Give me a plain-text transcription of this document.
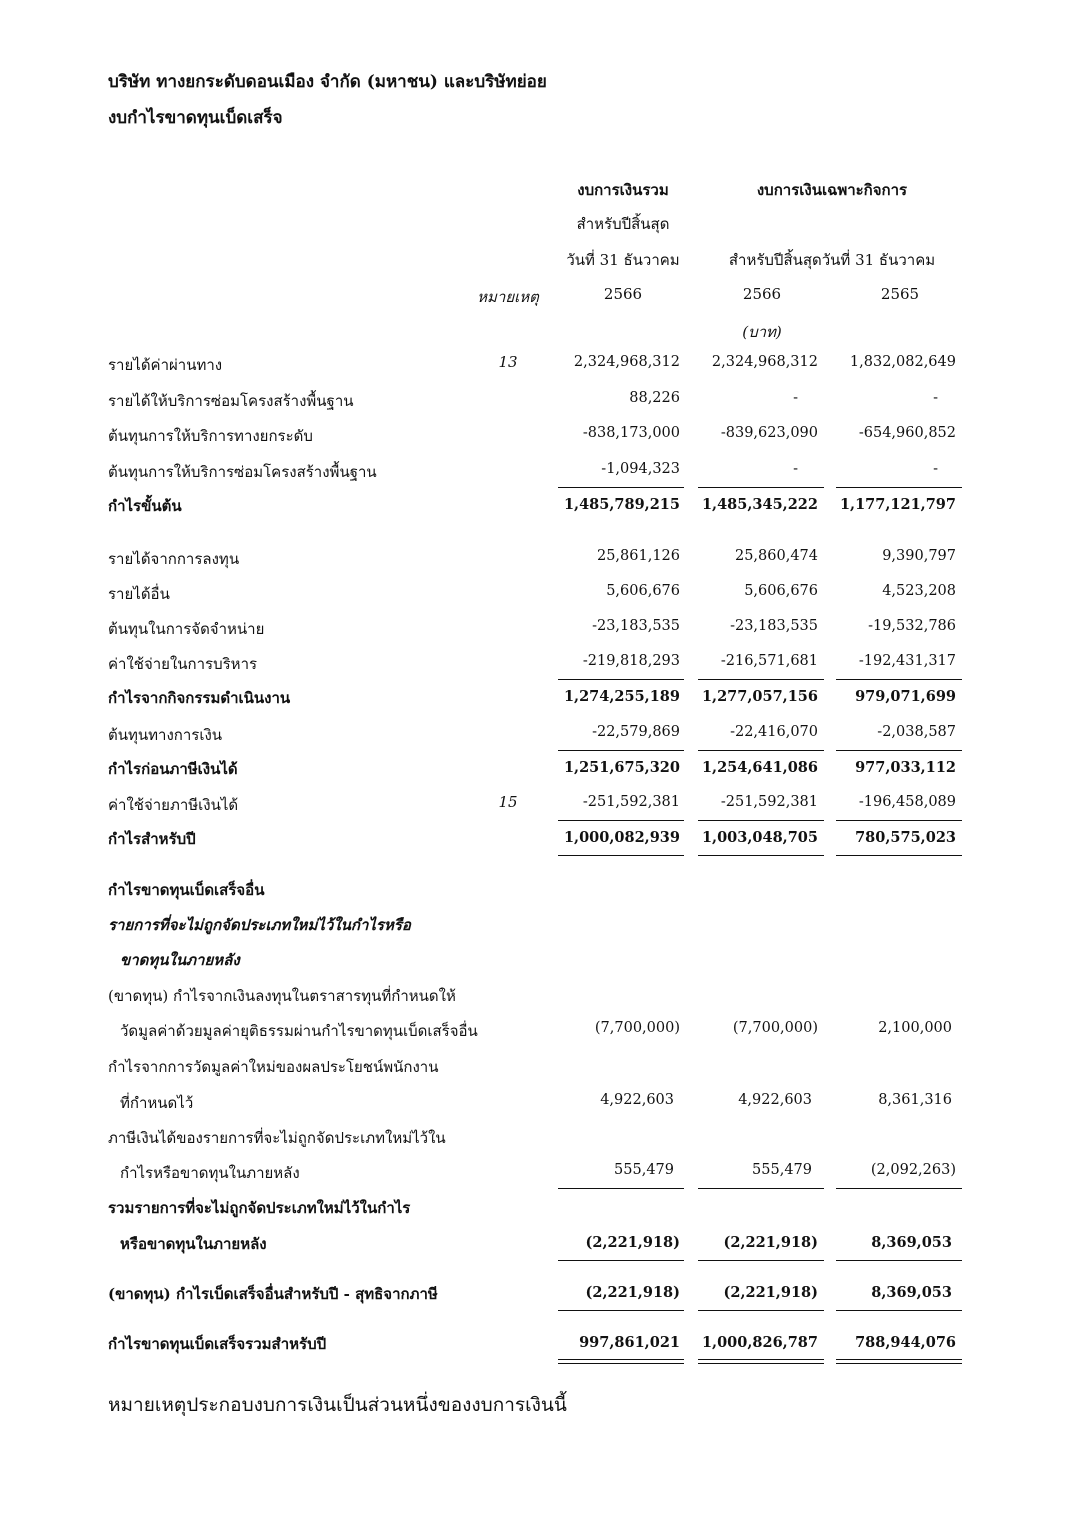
บริษัท ทางยกระดับดอนเมือง จำกัด (มหาชน) และบริษัทย่อย
งบกำไรขาดทุนเบ็ดเสร็จ
งบการเงินรวม
สำหรับปีสิ้นสุด
วันที่ 31 ธันวาคม
งบการเงินเฉพาะกิจการ
สำหรับปีสิ้นสุดวันที่ 31 ธันวาคม
หมายเหตุ	2566	2566	2565
(บาท)
รายได้ค่าผ่านทาง	13	2,324,968,312	2,324,968,312	1,832,082,649
รายได้ให้บริการซ่อมโครงสร้างพื้นฐาน	88,226	-	-
ต้นทุนการให้บริการทางยกระดับ	-838,173,000	-839,623,090	-654,960,852
ต้นทุนการให้บริการซ่อมโครงสร้างพื้นฐาน	-1,094,323	-	-
กำไรขั้นต้น	1,485,789,215 1,485,345,222 1,177,121,797
รายได้จากการลงทุน	25,861,126	25,860,474	9,390,797
รายได้อื่น	5,606,676	5,606,676	4,523,208
ต้นทุนในการจัดจำหน่าย	-23,183,535	-23,183,535	-19,532,786
ค่าใช้จ่ายในการบริหาร	-219,818,293	-216,571,681	-192,431,317
กำไรจากกิจกรรมดำเนินงาน	1,274,255,189 1,277,057,156	979,071,699
ต้นทุนทางการเงิน	-22,579,869	-22,416,070	-2,038,587
กำไรก่อนภาษีเงินได้	1,251,675,320 1,254,641,086	977,033,112
ค่าใช้จ่ายภาษีเงินได้	15	-251,592,381	-251,592,381	-196,458,089
กำไรสำหรับปี	1,000,082,939 1,003,048,705	780,575,023
กำไรขาดทุนเบ็ดเสร็จอื่น
รายการที่จะไม่ถูกจัดประเภทใหม่ไว้ในกำไรหรือ
ขาดทุนในภายหลัง
(ขาดทุน) กำไรจากเงินลงทุนในตราสารทุนที่กำหนดให้
วัดมูลค่าด้วยมูลค่ายุติธรรมผ่านกำไรขาดทุนเบ็ดเสร็จอื่น	(7,700,000)	(7,700,000)	2,100,000
กำไรจากการวัดมูลค่าใหม่ของผลประโยชน์พนักงาน
ที่กำหนดไว้	4,922,603	4,922,603	8,361,316
ภาษีเงินได้ของรายการที่จะไม่ถูกจัดประเภทใหม่ไว้ใน
กำไรหรือขาดทุนในภายหลัง	555,479	555,479	(2,092,263)
รวมรายการที่จะไม่ถูกจัดประเภทใหม่ไว้ในกำไร
หรือขาดทุนในภายหลัง	(2,221,918)	(2,221,918)	8,369,053
(ขาดทุน) กำไรเบ็ดเสร็จอื่นสำหรับปี - สุทธิจากภาษี	(2,221,918)	(2,221,918)	8,369,053
กำไรขาดทุนเบ็ดเสร็จรวมสำหรับปี	997,861,021 1,000,826,787	788,944,076
หมายเหตุประกอบงบการเงินเป็นส่วนหนึ่งของงบการเงินนี้
